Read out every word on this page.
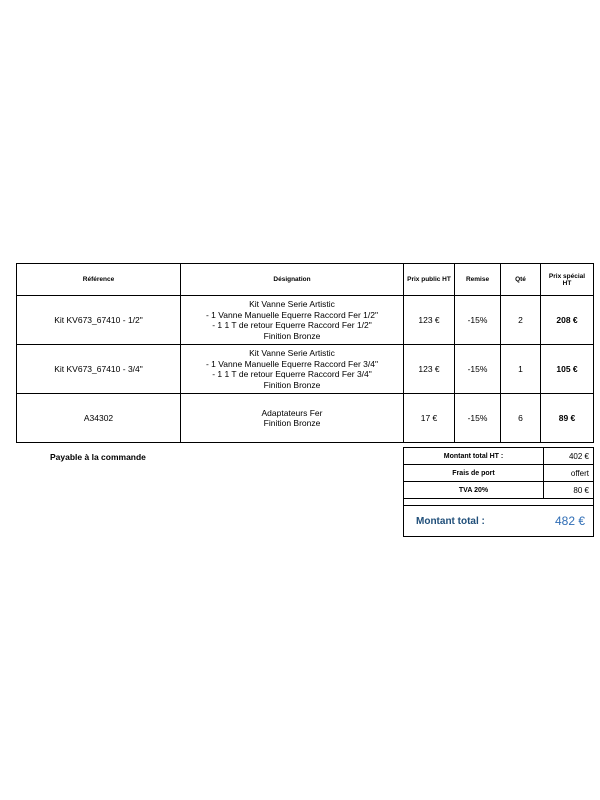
Référence	Désignation	Prix public HT	Remise	Qté	Prix spécial HT
Kit KV673_67410 - 1/2"	Kit Vanne Serie Artistic
- 1 Vanne Manuelle Equerre Raccord Fer 1/2"
- 1 1 T de retour Equerre Raccord Fer 1/2"
Finition Bronze	123 €	-15%	2	208 €
Kit KV673_67410 - 3/4"	Kit Vanne Serie Artistic
- 1 Vanne Manuelle Equerre Raccord Fer 3/4"
- 1 1 T de retour Equerre Raccord Fer 3/4"
Finition Bronze	123 €	-15%	1	105 €
A34302	Adaptateurs Fer
Finition Bronze	17 €	-15%	6	89 €
Payable à la commande	Montant total HT :	402 €
Frais de port	offert
TVA 20%	80 €

Montant total :	482 €
